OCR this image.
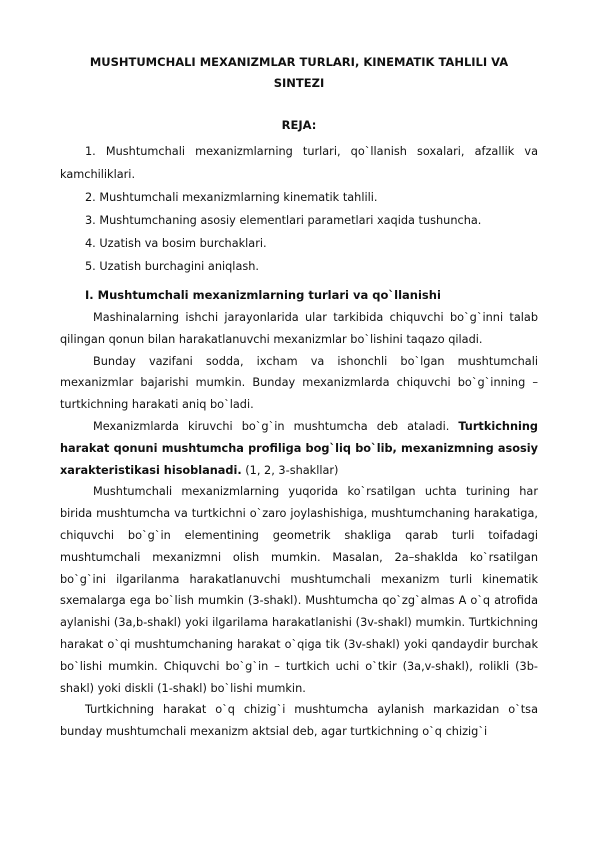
MUSHTUMCHALI MEXANIZMLAR TURLARI, KINEMATIK TAHLILI VA
SINTEZI
REJA:
1. Mushtumchali mexanizmlarning turlari, qo`llanish soxalari, afzallik va kamchiliklari.
2. Mushtumchali mexanizmlarning kinematik tahlili.
3. Mushtumchaning asosiy elementlari parametlari xaqida tushuncha.
4. Uzatish va bosim burchaklari.
5. Uzatish burchagini aniqlash.
I. Mushtumchali mexanizmlarning turlari va qo`llanishi

Mashinalarning ishchi jarayonlarida ular tarkibida chiquvchi bo`g`inni talab qilingan qonun bilan harakatlanuvchi mexanizmlar bo`lishini taqazo qiladi.

Bunday vazifani sodda, ixcham va ishonchli bo`lgan mushtumchali mexanizmlar bajarishi mumkin. Bunday mexanizmlarda chiquvchi bo`g`inning – turtkichning harakati aniq bo`ladi.

Mexanizmlarda kiruvchi bo`g`in mushtumcha deb ataladi. Turtkichning harakat qonuni mushtumcha profiliga bog`liq bo`lib, mexanizmning asosiy xarakteristikasi hisoblanadi. (1, 2, 3-shakllar)

Mushtumchali mexanizmlarning yuqorida ko`rsatilgan uchta turining har birida mushtumcha va turtkichni o`zaro joylashishiga, mushtumchaning harakatiga, chiquvchi bo`g`in elementining geometrik shakliga qarab turli toifadagi mushtumchali mexanizmni olish mumkin. Masalan, 2a–shaklda ko`rsatilgan bo`g`ini ilgarilanma harakatlanuvchi mushtumchali mexanizm turli kinematik sxemalarga ega bo`lish mumkin (3-shakl). Mushtumcha qo`zg`almas A o`q atrofida aylanishi (3a,b-shakl) yoki ilgarilama harakatlanishi (3v-shakl) mumkin. Turtkichning harakat o`qi mushtumchaning harakat o`qiga tik (3v-shakl) yoki qandaydir burchak bo`lishi mumkin. Chiquvchi bo`g`in – turtkich uchi o`tkir (3a,v-shakl), rolikli (3b-shakl) yoki diskli (1-shakl) bo`lishi mumkin.

Turtkichning harakat o`q chizig`i mushtumcha aylanish markazidan o`tsa bunday mushtumchali mexanizm aktsial deb, agar turtkichning o`q chizig`i
